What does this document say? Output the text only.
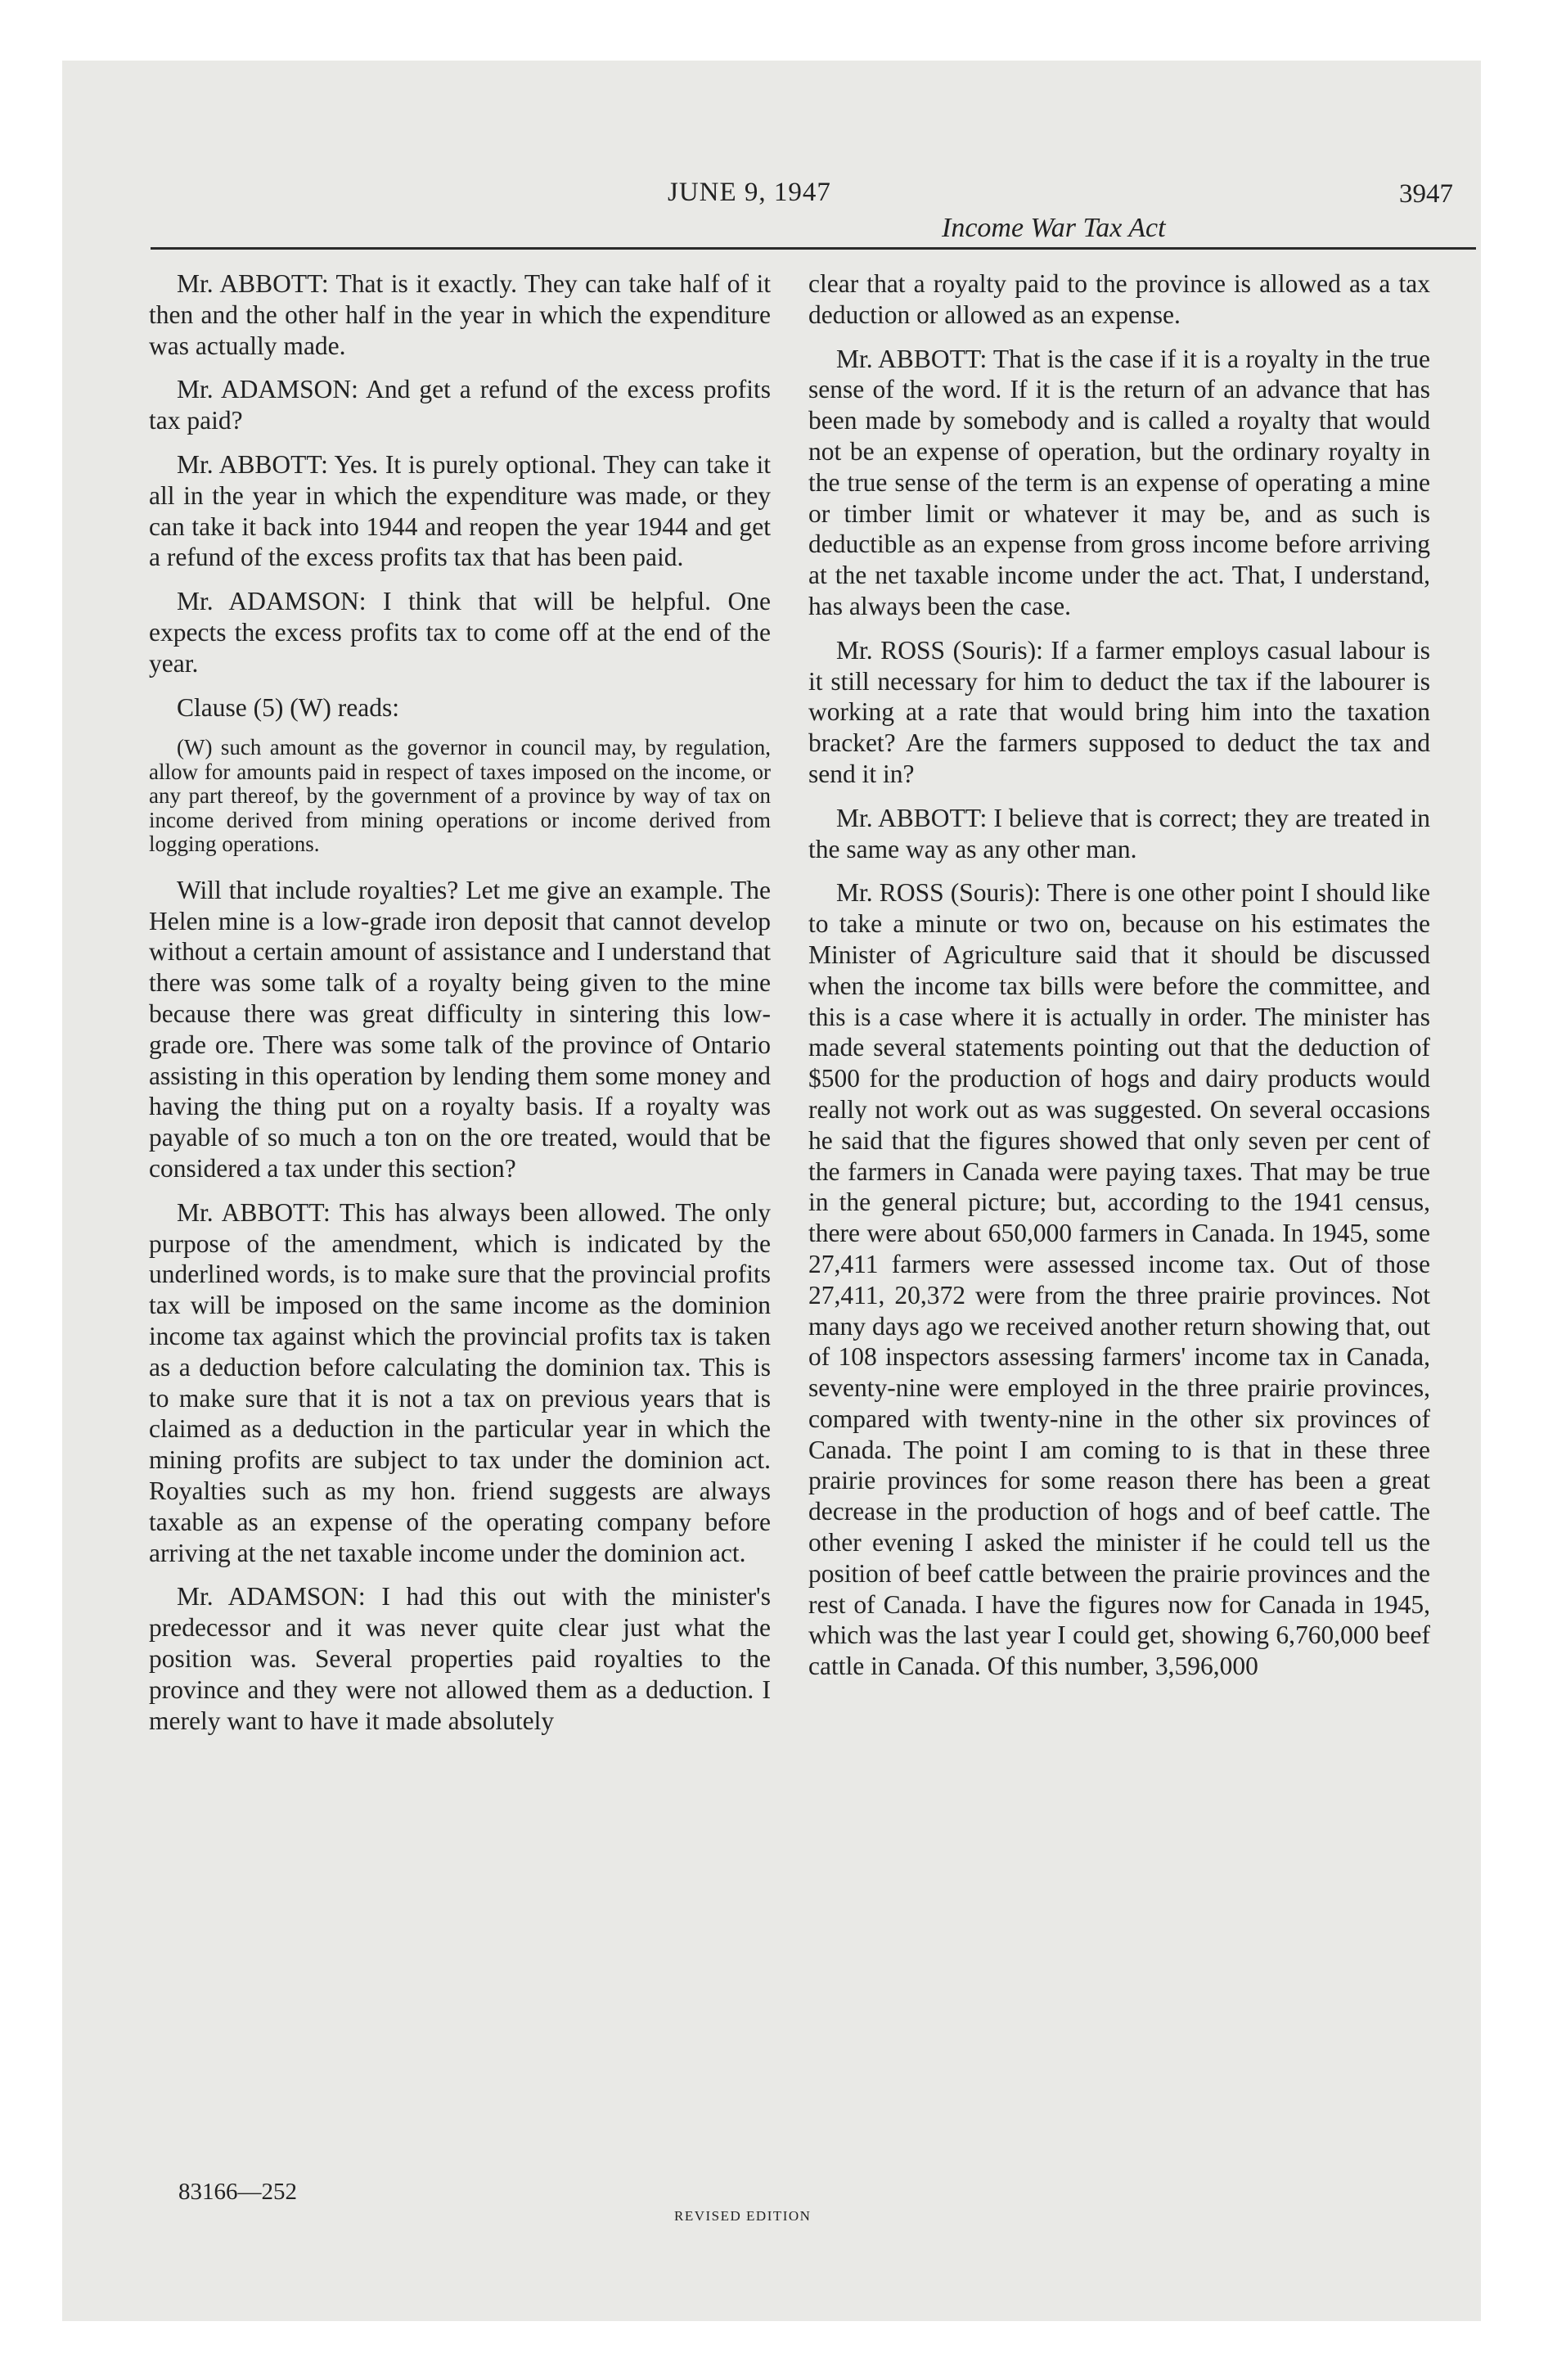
JUNE 9, 1947	3947
Income War Tax Act

Mr. ABBOTT: That is it exactly. They can take half of it then and the other half in the year in which the expenditure was actually made.

Mr. ADAMSON: And get a refund of the excess profits tax paid?

Mr. ABBOTT: Yes. It is purely optional. They can take it all in the year in which the expenditure was made, or they can take it back into 1944 and reopen the year 1944 and get a refund of the excess profits tax that has been paid.

Mr. ADAMSON: I think that will be helpful. One expects the excess profits tax to come off at the end of the year.

Clause (5) (W) reads:

(W) such amount as the governor in council may, by regulation, allow for amounts paid in respect of taxes imposed on the income, or any part thereof, by the government of a province by way of tax on income derived from mining operations or income derived from logging operations.

Will that include royalties? Let me give an example. The Helen mine is a low-grade iron deposit that cannot develop without a certain amount of assistance and I understand that there was some talk of a royalty being given to the mine because there was great difficulty in sintering this low-grade ore. There was some talk of the province of Ontario assisting in this operation by lending them some money and having the thing put on a royalty basis. If a royalty was payable of so much a ton on the ore treated, would that be considered a tax under this section?

Mr. ABBOTT: This has always been allowed. The only purpose of the amendment, which is indicated by the underlined words, is to make sure that the provincial profits tax will be imposed on the same income as the dominion income tax against which the provincial profits tax is taken as a deduction before calculating the dominion tax. This is to make sure that it is not a tax on previous years that is claimed as a deduction in the particular year in which the mining profits are subject to tax under the dominion act. Royalties such as my hon. friend suggests are always taxable as an expense of the operating company before arriving at the net taxable income under the dominion act.

Mr. ADAMSON: I had this out with the minister's predecessor and it was never quite clear just what the position was. Several properties paid royalties to the province and they were not allowed them as a deduction. I merely want to have it made absolutely

clear that a royalty paid to the province is allowed as a tax deduction or allowed as an expense.

Mr. ABBOTT: That is the case if it is a royalty in the true sense of the word. If it is the return of an advance that has been made by somebody and is called a royalty that would not be an expense of operation, but the ordinary royalty in the true sense of the term is an expense of operating a mine or timber limit or whatever it may be, and as such is deductible as an expense from gross income before arriving at the net taxable income under the act. That, I understand, has always been the case.

Mr. ROSS (Souris): If a farmer employs casual labour is it still necessary for him to deduct the tax if the labourer is working at a rate that would bring him into the taxation bracket? Are the farmers supposed to deduct the tax and send it in?

Mr. ABBOTT: I believe that is correct; they are treated in the same way as any other man.

Mr. ROSS (Souris): There is one other point I should like to take a minute or two on, because on his estimates the Minister of Agriculture said that it should be discussed when the income tax bills were before the committee, and this is a case where it is actually in order. The minister has made several statements pointing out that the deduction of $500 for the production of hogs and dairy products would really not work out as was suggested. On several occasions he said that the figures showed that only seven per cent of the farmers in Canada were paying taxes. That may be true in the general picture; but, according to the 1941 census, there were about 650,000 farmers in Canada. In 1945, some 27,411 farmers were assessed income tax. Out of those 27,411, 20,372 were from the three prairie provinces. Not many days ago we received another return showing that, out of 108 inspectors assessing farmers' income tax in Canada, seventy-nine were employed in the three prairie provinces, compared with twenty-nine in the other six provinces of Canada. The point I am coming to is that in these three prairie provinces for some reason there has been a great decrease in the production of hogs and of beef cattle. The other evening I asked the minister if he could tell us the position of beef cattle between the prairie provinces and the rest of Canada. I have the figures now for Canada in 1945, which was the last year I could get, showing 6,760,000 beef cattle in Canada. Of this number, 3,596,000

83166—252
REVISED EDITION
